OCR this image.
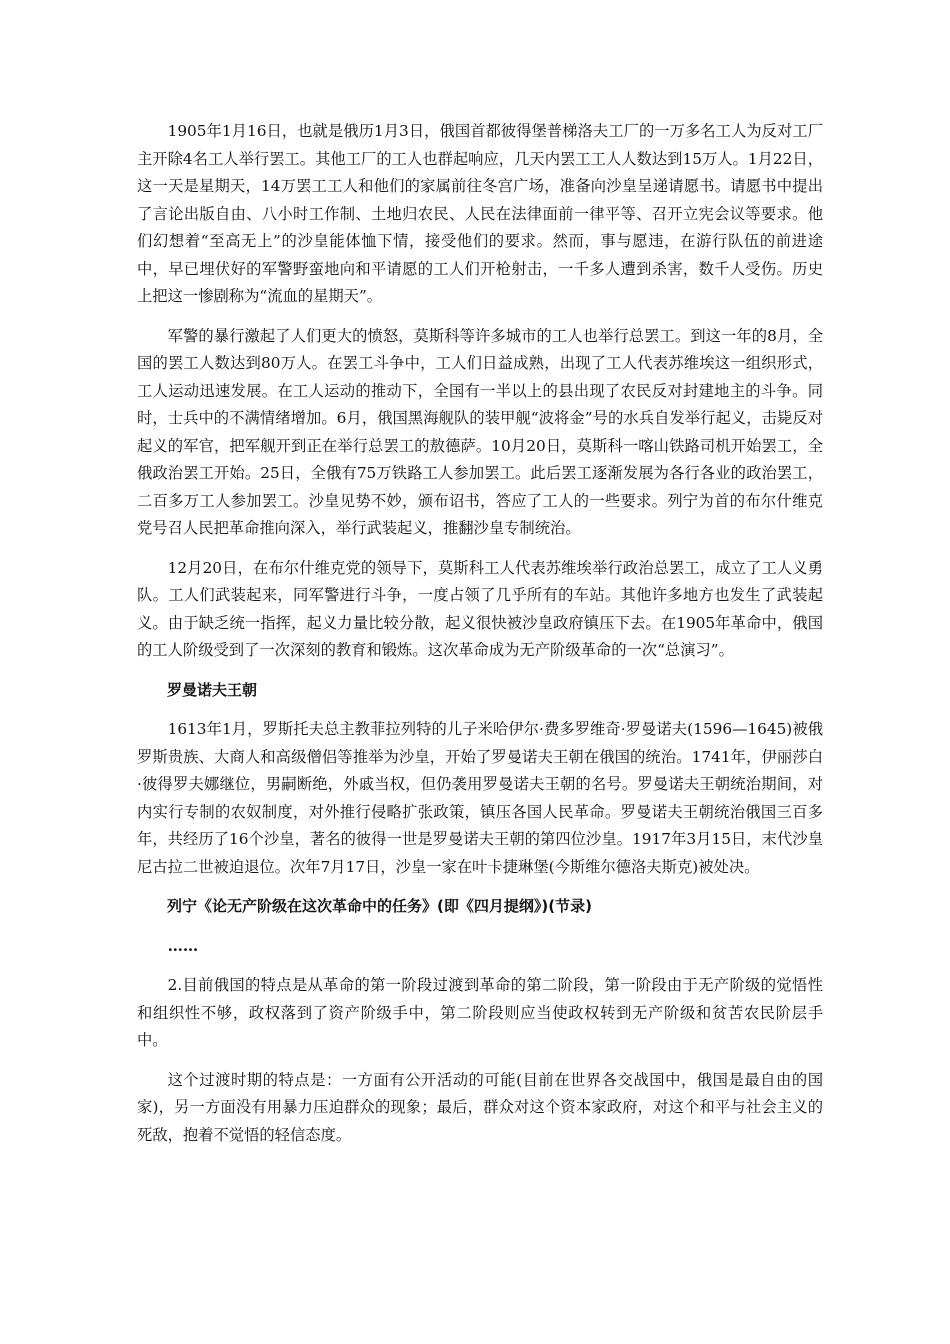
1905年1月16日，也就是俄历1月3日，俄国首都彼得堡普梯洛夫工厂的一万多名工人为反对工厂主开除4名工人举行罢工。其他工厂的工人也群起响应，几天内罢工工人人数达到15万人。1月22日，这一天是星期天，14万罢工工人和他们的家属前往冬宫广场，准备向沙皇呈递请愿书。请愿书中提出了言论出版自由、八小时工作制、土地归农民、人民在法律面前一律平等、召开立宪会议等要求。他们幻想着“至高无上”的沙皇能体恤下情，接受他们的要求。然而，事与愿违，在游行队伍的前进途中，早已埋伏好的军警野蛮地向和平请愿的工人们开枪射击，一千多人遭到杀害，数千人受伤。历史上把这一惨剧称为“流血的星期天”。

军警的暴行激起了人们更大的愤怒，莫斯科等许多城市的工人也举行总罢工。到这一年的8月，全国的罢工人数达到80万人。在罢工斗争中，工人们日益成熟，出现了工人代表苏维埃这一组织形式，工人运动迅速发展。在工人运动的推动下，全国有一半以上的县出现了农民反对封建地主的斗争。同时，士兵中的不满情绪增加。6月，俄国黑海舰队的装甲舰“波将金”号的水兵自发举行起义，击毙反对起义的军官，把军舰开到正在举行总罢工的敖德萨。10月20日，莫斯科一喀山铁路司机开始罢工，全俄政治罢工开始。25日，全俄有75万铁路工人参加罢工。此后罢工逐渐发展为各行各业的政治罢工，二百多万工人参加罢工。沙皇见势不妙，颁布诏书，答应了工人的一些要求。列宁为首的布尔什维克党号召人民把革命推向深入，举行武装起义，推翻沙皇专制统治。

12月20日，在布尔什维克党的领导下，莫斯科工人代表苏维埃举行政治总罢工，成立了工人义勇队。工人们武装起来，同军警进行斗争，一度占领了几乎所有的车站。其他许多地方也发生了武装起义。由于缺乏统一指挥，起义力量比较分散，起义很快被沙皇政府镇压下去。在1905年革命中，俄国的工人阶级受到了一次深刻的教育和锻炼。这次革命成为无产阶级革命的一次“总演习”。

罗曼诺夫王朝

1613年1月，罗斯托夫总主教菲拉列特的儿子米哈伊尔·费多罗维奇·罗曼诺夫(1596—1645)被俄罗斯贵族、大商人和高级僧侣等推举为沙皇，开始了罗曼诺夫王朝在俄国的统治。1741年，伊丽莎白·彼得罗夫娜继位，男嗣断绝，外戚当权，但仍袭用罗曼诺夫王朝的名号。罗曼诺夫王朝统治期间，对内实行专制的农奴制度，对外推行侵略扩张政策，镇压各国人民革命。罗曼诺夫王朝统治俄国三百多年，共经历了16个沙皇，著名的彼得一世是罗曼诺夫王朝的第四位沙皇。1917年3月15日，末代沙皇尼古拉二世被迫退位。次年7月17日，沙皇一家在叶卡捷琳堡(今斯维尔德洛夫斯克)被处决。

列宁《论无产阶级在这次革命中的任务》(即《四月提纲》)(节录)

……

2.目前俄国的特点是从革命的第一阶段过渡到革命的第二阶段，第一阶段由于无产阶级的觉悟性和组织性不够，政权落到了资产阶级手中，第二阶段则应当使政权转到无产阶级和贫苦农民阶层手中。

这个过渡时期的特点是：一方面有公开活动的可能(目前在世界各交战国中，俄国是最自由的国家)，另一方面没有用暴力压迫群众的现象；最后，群众对这个资本家政府，对这个和平与社会主义的死敌，抱着不觉悟的轻信态度。
